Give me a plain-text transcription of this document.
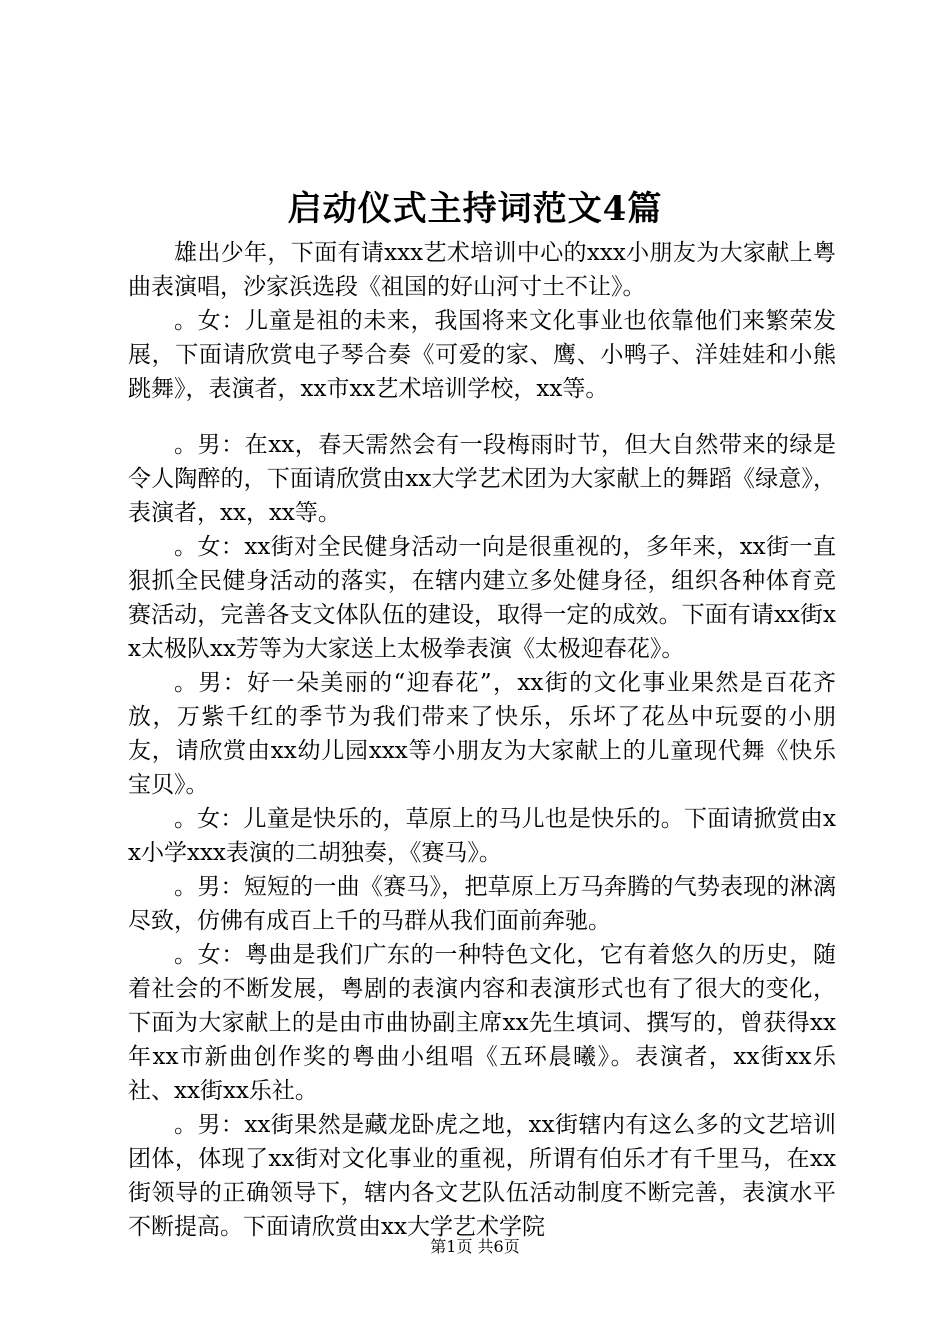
启动仪式主持词范文4篇

雄出少年，下面有请xxx艺术培训中心的xxx小朋友为大家献上粤曲表演唱，沙家浜选段《祖国的好山河寸土不让》。

。女：儿童是祖的未来，我国将来文化事业也依靠他们来繁荣发展，下面请欣赏电子琴合奏《可爱的家、鹰、小鸭子、洋娃娃和小熊跳舞》，表演者，xx市xx艺术培训学校，xx等。

。男：在xx，春天需然会有一段梅雨时节，但大自然带来的绿是令人陶醉的，下面请欣赏由xx大学艺术团为大家献上的舞蹈《绿意》，表演者，xx，xx等。

。女：xx街对全民健身活动一向是很重视的，多年来，xx街一直狠抓全民健身活动的落实，在辖内建立多处健身径，组织各种体育竞赛活动，完善各支文体队伍的建设，取得一定的成效。下面有请xx街xx太极队xx芳等为大家送上太极拳表演《太极迎春花》。

。男：好一朵美丽的“迎春花”，xx街的文化事业果然是百花齐放，万紫千红的季节为我们带来了快乐，乐坏了花丛中玩耍的小朋友，请欣赏由xx幼儿园xxx等小朋友为大家献上的儿童现代舞《快乐宝贝》。

。女：儿童是快乐的，草原上的马儿也是快乐的。下面请掀赏由xx小学xxx表演的二胡独奏，《赛马》。

。男：短短的一曲《赛马》，把草原上万马奔腾的气势表现的淋漓尽致，仿佛有成百上千的马群从我们面前奔驰。

。女：粤曲是我们广东的一种特色文化，它有着悠久的历史，随着社会的不断发展，粤剧的表演内容和表演形式也有了很大的变化，下面为大家献上的是由市曲协副主席xx先生填词、撰写的，曾获得xx年xx市新曲创作奖的粤曲小组唱《五环晨曦》。表演者，xx街xx乐社、xx街xx乐社。

。男：xx街果然是藏龙卧虎之地，xx街辖内有这么多的文艺培训团体，体现了xx街对文化事业的重视，所谓有伯乐才有千里马，在xx街领导的正确领导下，辖内各文艺队伍活动制度不断完善，表演水平不断提高。下面请欣赏由xx大学艺术学院

第1页 共6页
